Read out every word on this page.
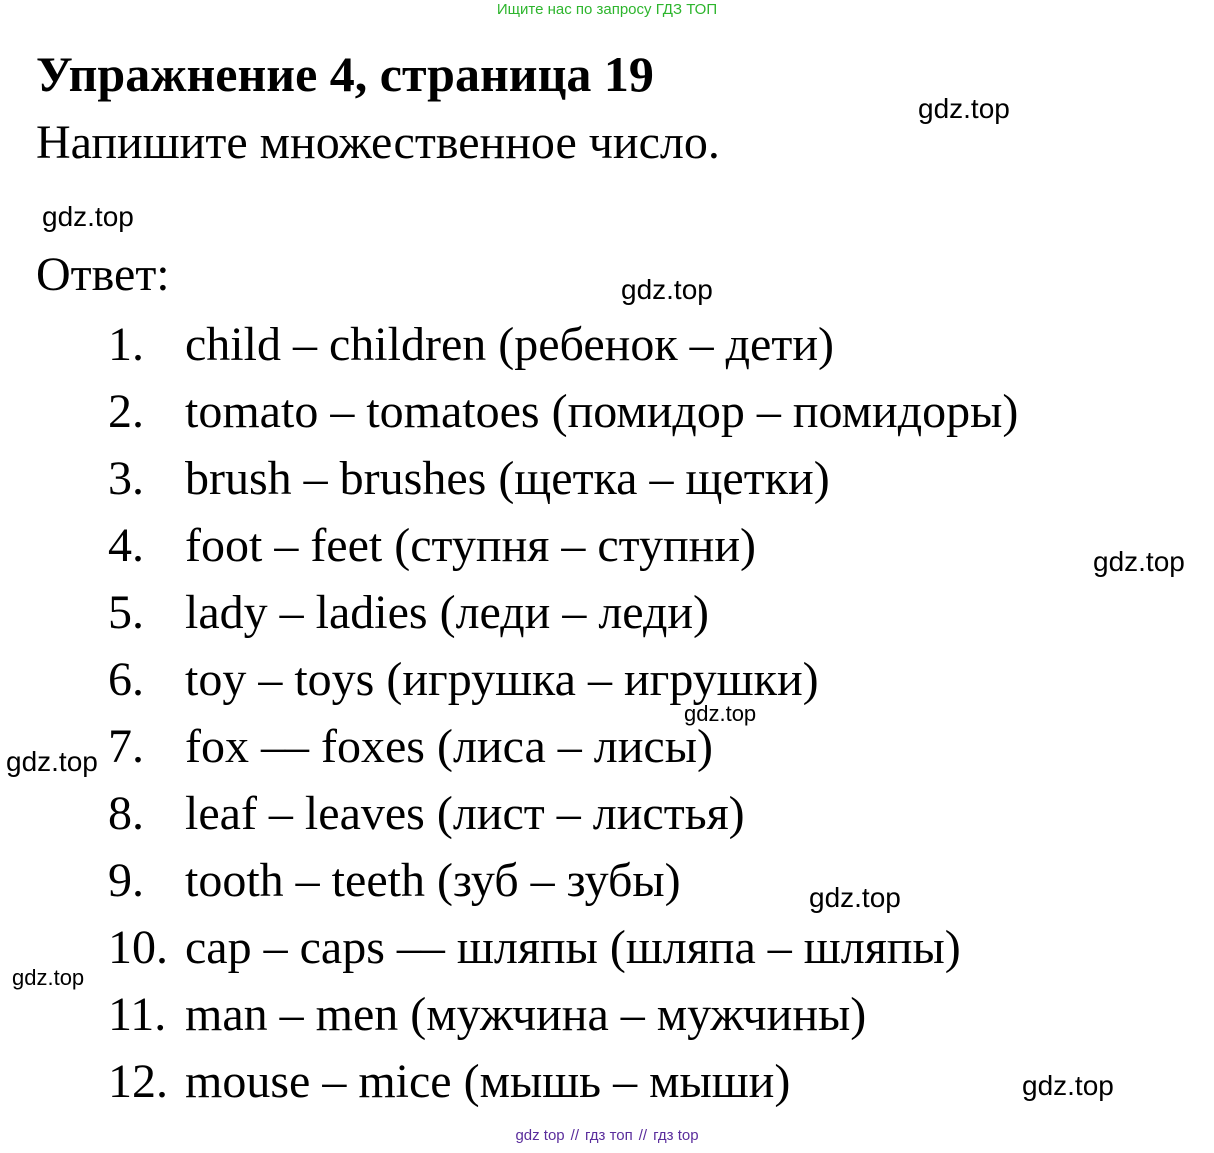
Ищите нас по запросу ГДЗ ТОП
Упражнение 4, страница 19
Напишите множественное число.
Ответ:
1. child – children (ребенок – дети)
2. tomato – tomatoes (помидор – помидоры)
3. brush – brushes (щетка – щетки)
4. foot – feet (ступня – ступни)
5. lady – ladies (леди – леди)
6. toy – toys (игрушка – игрушки)
7. fox –– foxes (лиса – лисы)
8. leaf – leaves (лист – листья)
9. tooth – teeth (зуб – зубы)
10. cap – caps –– шляпы (шляпа – шляпы)
11. man – men (мужчина – мужчины)
12. mouse – mice (мышь – мыши)
gdz.top
gdz.top
gdz.top
gdz.top
gdz.top
gdz.top
gdz.top
gdz.top
gdz.top
gdz top // гдз топ // гдз top
